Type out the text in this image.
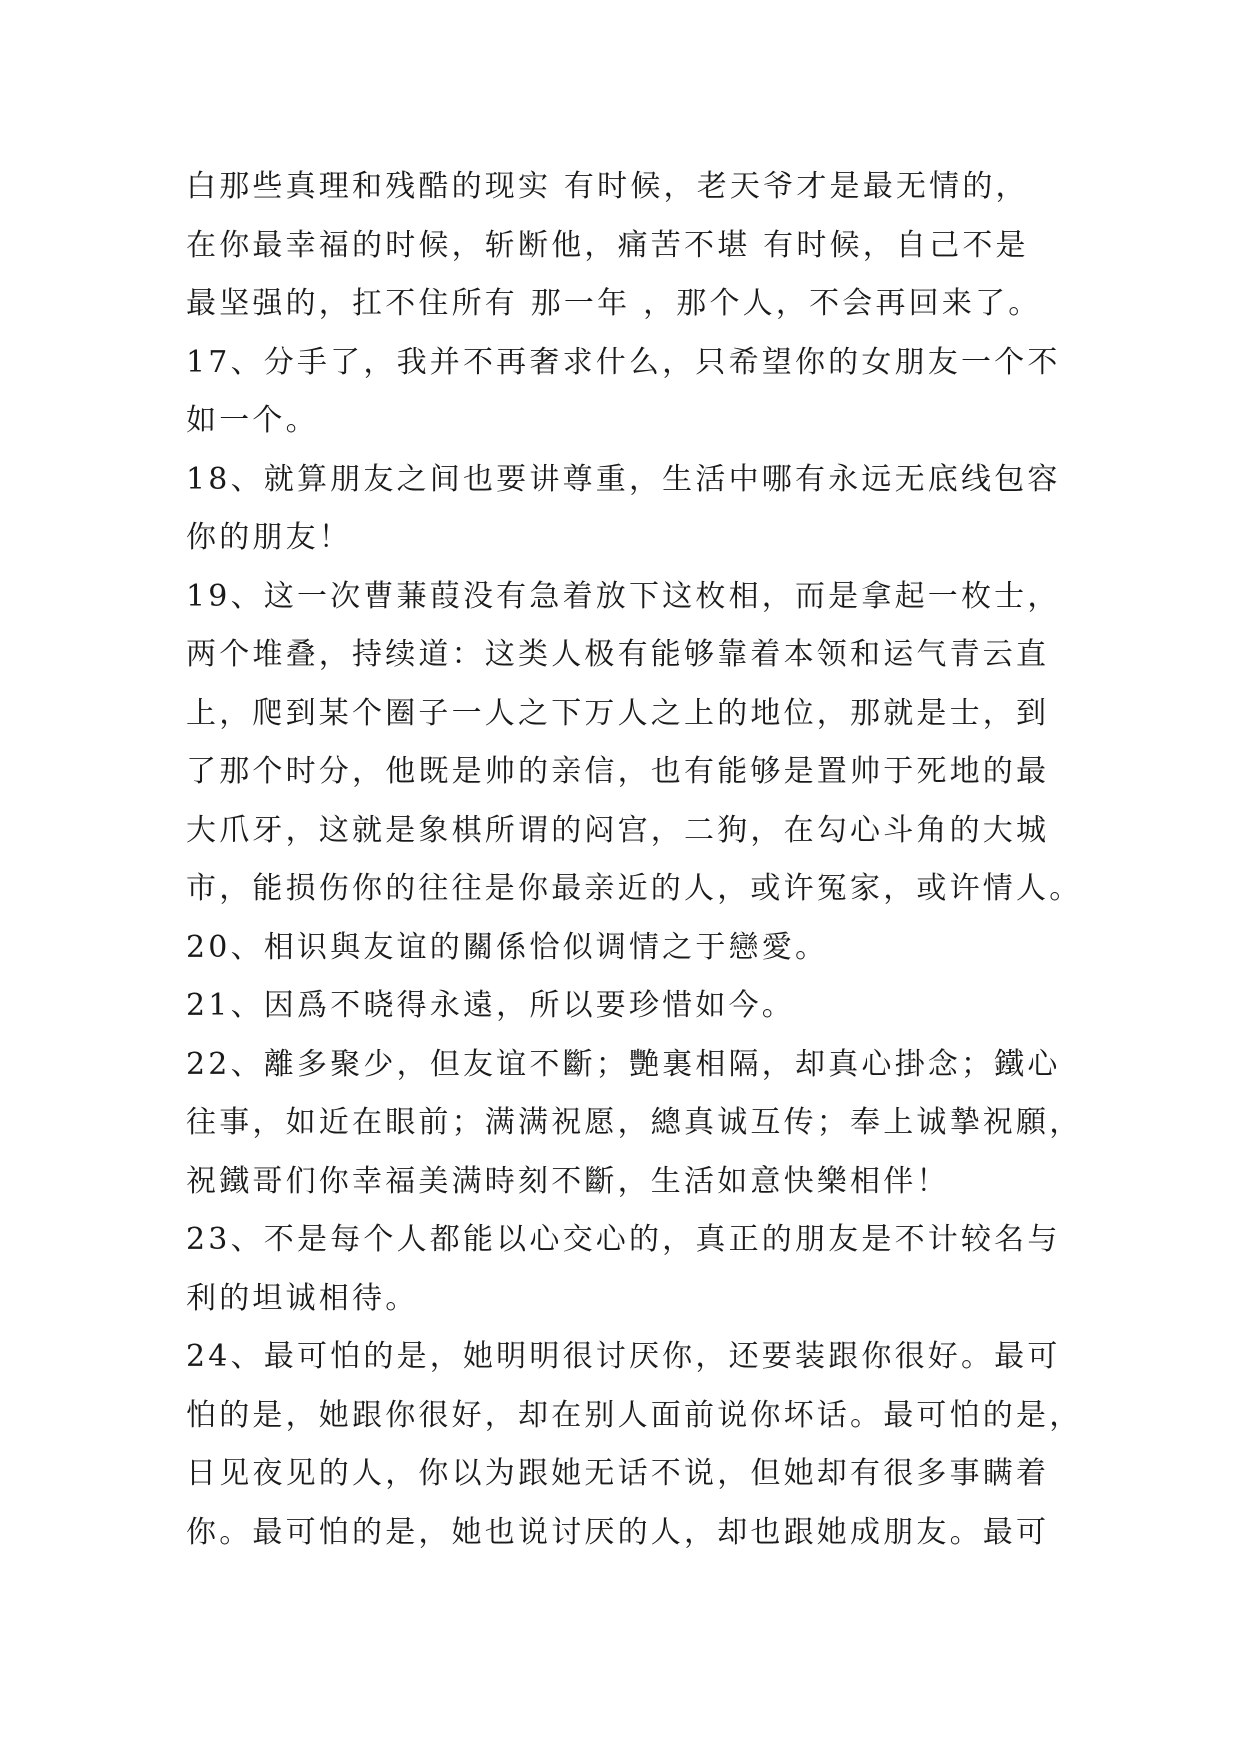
白那些真理和残酷的现实 有时候，老天爷才是最无情的，
在你最幸福的时候，斩断他，痛苦不堪 有时候，自己不是
最坚强的，扛不住所有 那一年 ，那个人，不会再回来了。
17、分手了，我并不再奢求什么，只希望你的女朋友一个不
如一个。
18、就算朋友之间也要讲尊重，生活中哪有永远无底线包容
你的朋友！
19、这一次曹蒹葭没有急着放下这枚相，而是拿起一枚士，
两个堆叠，持续道：这类人极有能够靠着本领和运气青云直
上，爬到某个圈子一人之下万人之上的地位，那就是士，到
了那个时分，他既是帅的亲信，也有能够是置帅于死地的最
大爪牙，这就是象棋所谓的闷宫，二狗，在勾心斗角的大城
市，能损伤你的往往是你最亲近的人，或许冤家，或许情人。
20、相识與友谊的關係恰似调情之于戀愛。
21、因爲不晓得永遠，所以要珍惜如今。
22、離多聚少，但友谊不斷；艷裏相隔，却真心掛念；鐵心
往事，如近在眼前；满满祝愿，總真诚互传；奉上诚摯祝願，
祝鐵哥们你幸福美满時刻不斷，生活如意快樂相伴！
23、不是每个人都能以心交心的，真正的朋友是不计较名与
利的坦诚相待。
24、最可怕的是，她明明很讨厌你，还要装跟你很好。最可
怕的是，她跟你很好，却在别人面前说你坏话。最可怕的是，
日见夜见的人，你以为跟她无话不说，但她却有很多事瞒着
你。最可怕的是，她也说讨厌的人，却也跟她成朋友。最可
